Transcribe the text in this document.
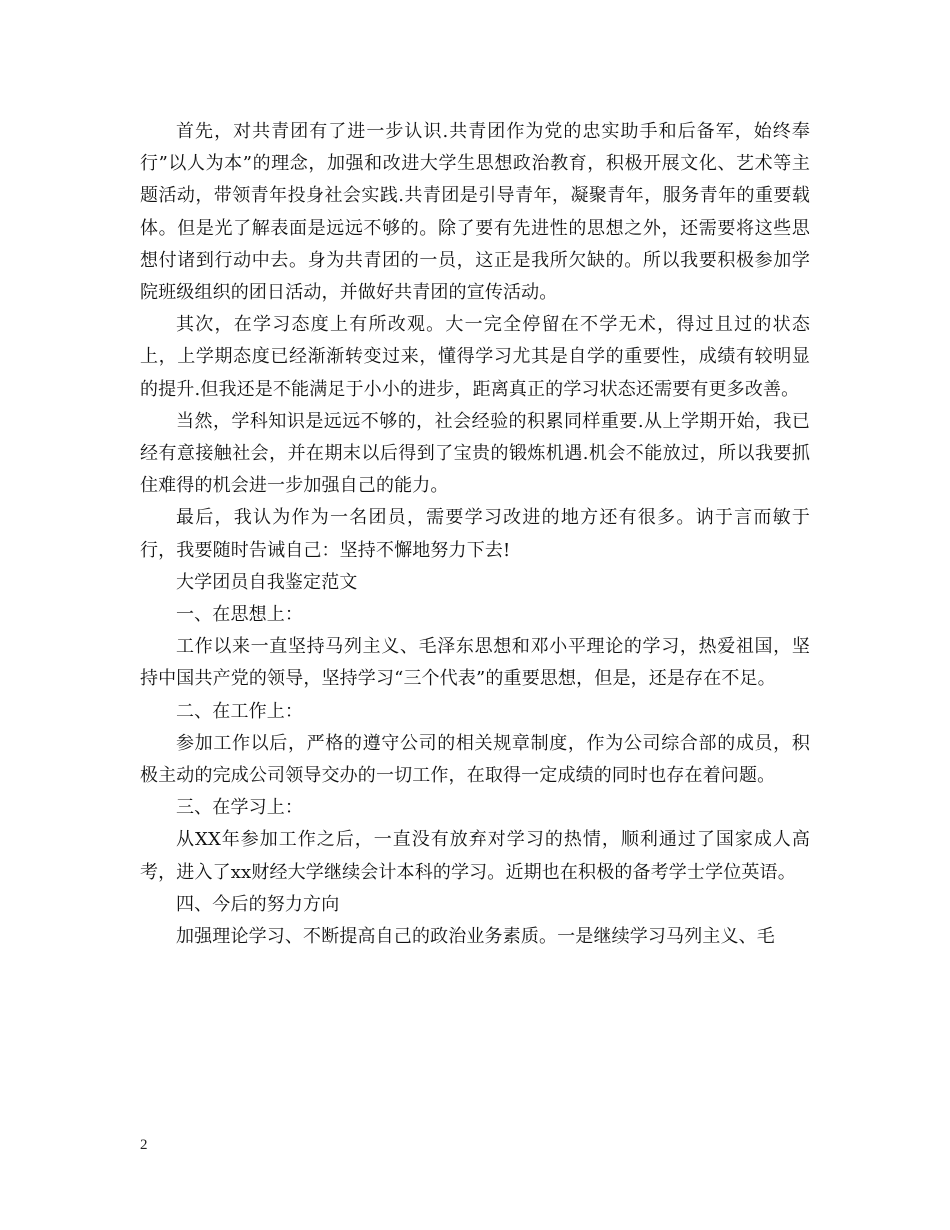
首先，对共青团有了进一步认识.共青团作为党的忠实助手和后备军，始终奉行”以人为本”的理念，加强和改进大学生思想政治教育，积极开展文化、艺术等主题活动，带领青年投身社会实践.共青团是引导青年，凝聚青年，服务青年的重要载体。但是光了解表面是远远不够的。除了要有先进性的思想之外，还需要将这些思想付诸到行动中去。身为共青团的一员，这正是我所欠缺的。所以我要积极参加学院班级组织的团日活动，并做好共青团的宣传活动。

其次，在学习态度上有所改观。大一完全停留在不学无术，得过且过的状态上，上学期态度已经渐渐转变过来，懂得学习尤其是自学的重要性，成绩有较明显的提升.但我还是不能满足于小小的进步，距离真正的学习状态还需要有更多改善。

当然，学科知识是远远不够的，社会经验的积累同样重要.从上学期开始，我已经有意接触社会，并在期末以后得到了宝贵的锻炼机遇.机会不能放过，所以我要抓住难得的机会进一步加强自己的能力。

最后，我认为作为一名团员，需要学习改进的地方还有很多。讷于言而敏于行，我要随时告诫自己：坚持不懈地努力下去!

大学团员自我鉴定范文

一、在思想上：

工作以来一直坚持马列主义、毛泽东思想和邓小平理论的学习，热爱祖国，坚持中国共产党的领导，坚持学习“三个代表”的重要思想，但是，还是存在不足。

二、在工作上：

参加工作以后，严格的遵守公司的相关规章制度，作为公司综合部的成员，积极主动的完成公司领导交办的一切工作，在取得一定成绩的同时也存在着问题。

三、在学习上：

从XX年参加工作之后，一直没有放弃对学习的热情，顺利通过了国家成人高考，进入了xx财经大学继续会计本科的学习。近期也在积极的备考学士学位英语。

四、今后的努力方向

加强理论学习、不断提高自己的政治业务素质。一是继续学习马列主义、毛

2
